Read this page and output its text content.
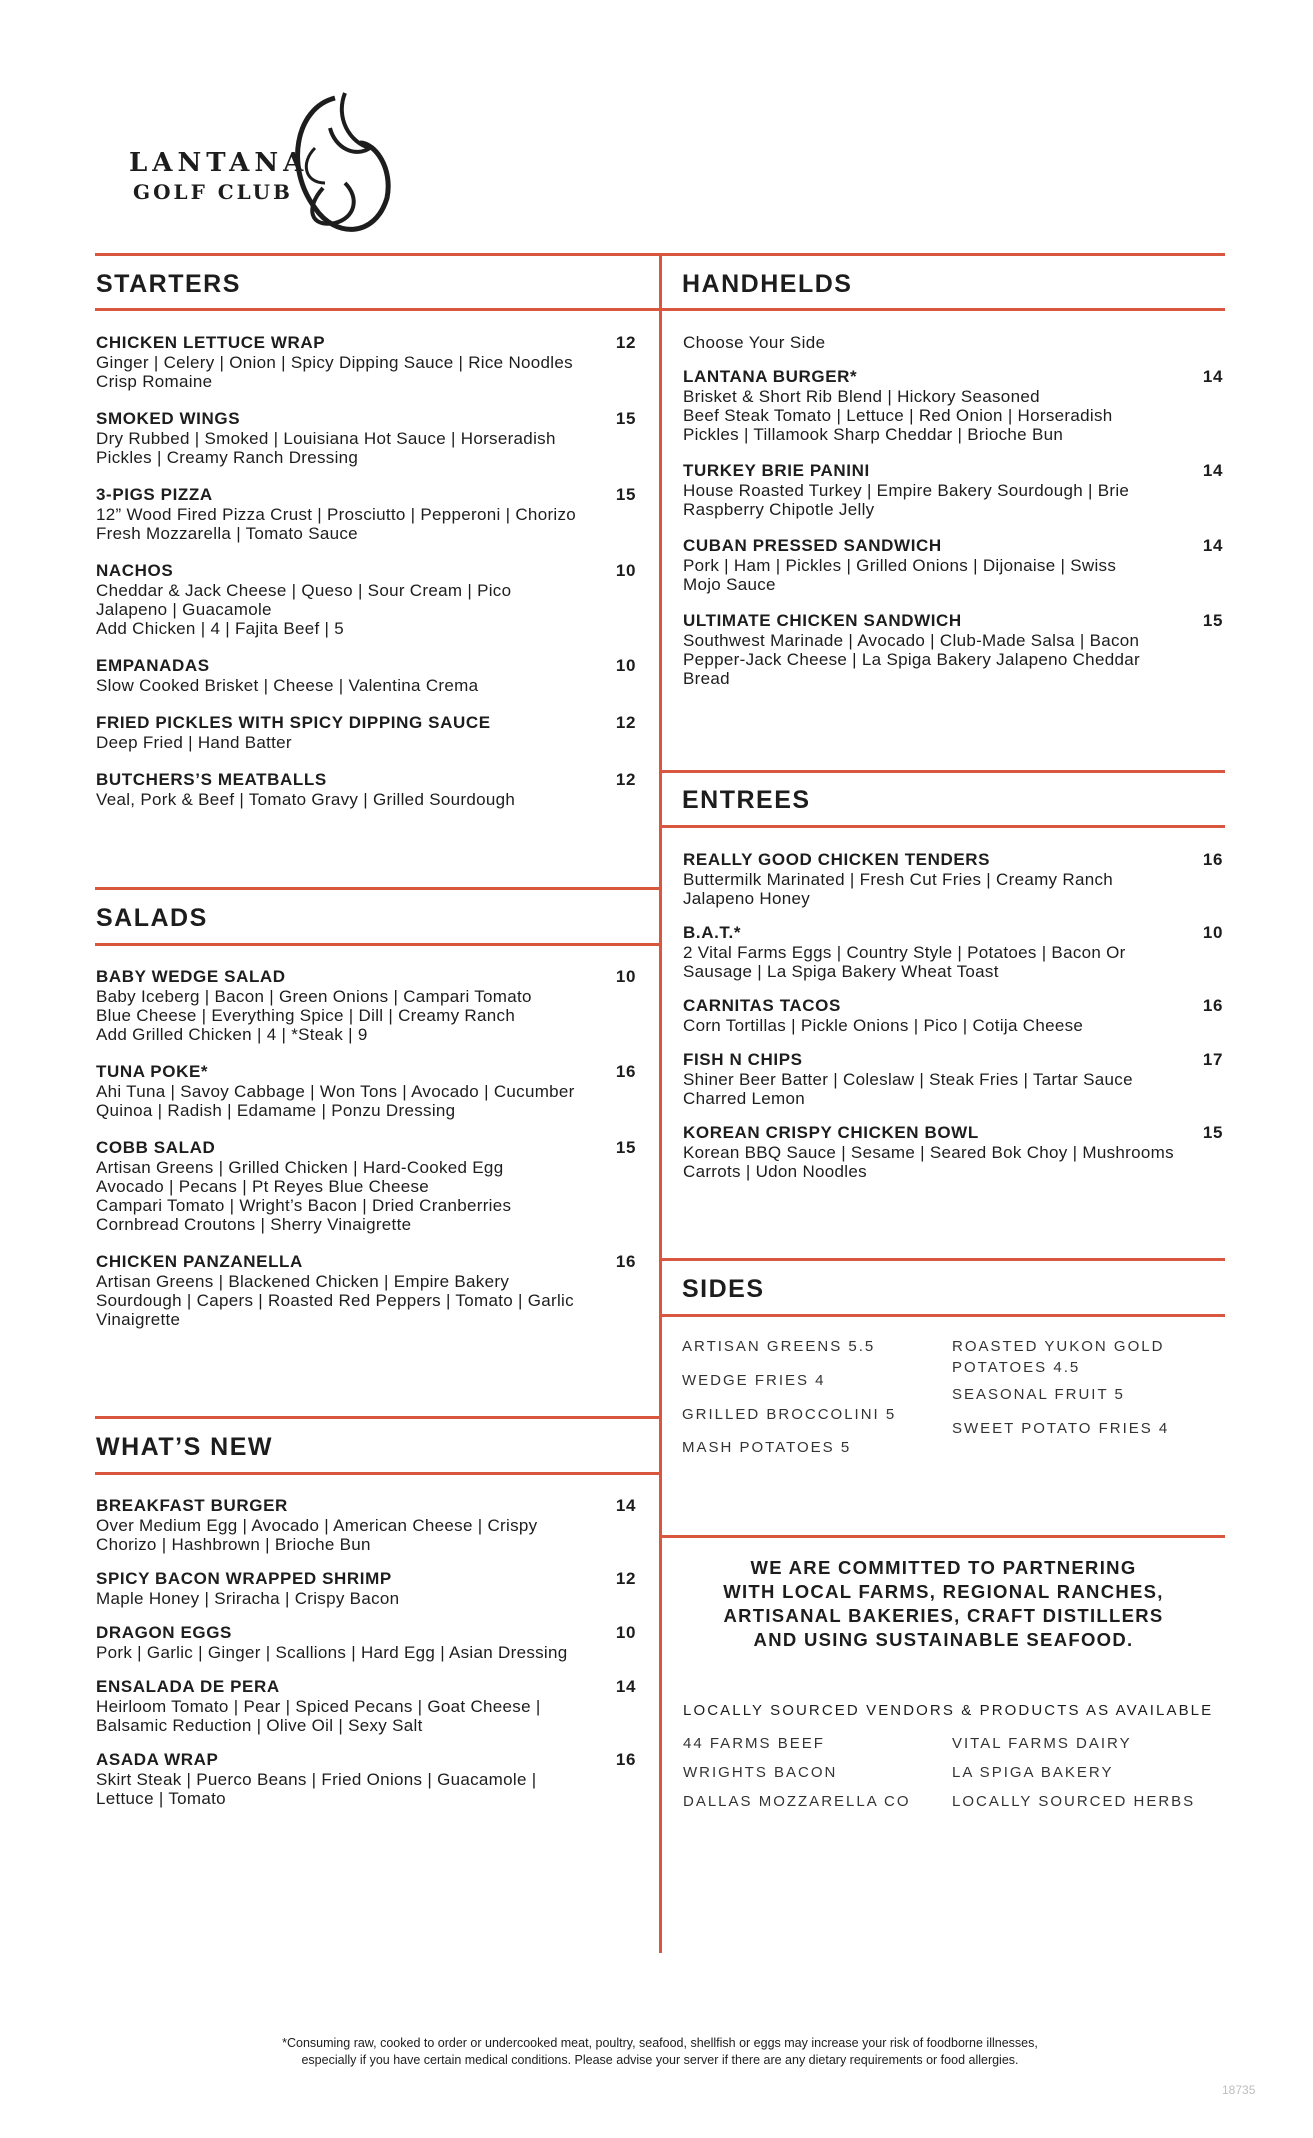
LANTANA
GOLF CLUB
STARTERS
CHICKEN LETTUCE WRAP	12
Ginger | Celery | Onion | Spicy Dipping Sauce | Rice Noodles
Crisp Romaine
SMOKED WINGS	15
Dry Rubbed | Smoked | Louisiana Hot Sauce | Horseradish
Pickles | Creamy Ranch Dressing
3-PIGS PIZZA	15
12” Wood Fired Pizza Crust | Prosciutto | Pepperoni | Chorizo
Fresh Mozzarella | Tomato Sauce
NACHOS	10
Cheddar & Jack Cheese | Queso | Sour Cream | Pico
Jalapeno | Guacamole
Add Chicken | 4 | Fajita Beef | 5
EMPANADAS	10
Slow Cooked Brisket | Cheese | Valentina Crema
FRIED PICKLES WITH SPICY DIPPING SAUCE	12
Deep Fried | Hand Batter
BUTCHERS’S MEATBALLS	12
Veal, Pork & Beef | Tomato Gravy | Grilled Sourdough
HANDHELDS
Choose Your Side
LANTANA BURGER*	14
Brisket & Short Rib Blend | Hickory Seasoned
Beef Steak Tomato | Lettuce | Red Onion | Horseradish
Pickles | Tillamook Sharp Cheddar | Brioche Bun
TURKEY BRIE PANINI	14
House Roasted Turkey | Empire Bakery Sourdough | Brie
Raspberry Chipotle Jelly
CUBAN PRESSED SANDWICH	14
Pork | Ham | Pickles | Grilled Onions | Dijonaise | Swiss
Mojo Sauce
ULTIMATE CHICKEN SANDWICH	15
Southwest Marinade | Avocado | Club-Made Salsa | Bacon
Pepper-Jack Cheese | La Spiga Bakery Jalapeno Cheddar
Bread
ENTREES
REALLY GOOD CHICKEN TENDERS	16
Buttermilk Marinated | Fresh Cut Fries | Creamy Ranch
Jalapeno Honey
B.A.T.*	10
2 Vital Farms Eggs | Country Style | Potatoes | Bacon Or
Sausage | La Spiga Bakery Wheat Toast
CARNITAS TACOS	16
Corn Tortillas | Pickle Onions | Pico | Cotija Cheese
FISH N CHIPS	17
Shiner Beer Batter | Coleslaw | Steak Fries | Tartar Sauce
Charred Lemon
KOREAN CRISPY CHICKEN BOWL	15
Korean BBQ Sauce | Sesame | Seared Bok Choy | Mushrooms
Carrots | Udon Noodles
SALADS
BABY WEDGE SALAD	10
Baby Iceberg | Bacon | Green Onions | Campari Tomato
Blue Cheese | Everything Spice | Dill | Creamy Ranch
Add Grilled Chicken | 4 | *Steak | 9
TUNA POKE*	16
Ahi Tuna | Savoy Cabbage | Won Tons | Avocado | Cucumber
Quinoa | Radish | Edamame | Ponzu Dressing
COBB SALAD	15
Artisan Greens | Grilled Chicken | Hard-Cooked Egg
Avocado | Pecans | Pt Reyes Blue Cheese
Campari Tomato | Wright’s Bacon | Dried Cranberries
Cornbread Croutons | Sherry Vinaigrette
CHICKEN PANZANELLA	16
Artisan Greens | Blackened Chicken | Empire Bakery
Sourdough | Capers | Roasted Red Peppers | Tomato | Garlic
Vinaigrette
SIDES
ARTISAN GREENS 5.5
WEDGE FRIES 4
GRILLED BROCCOLINI 5
MASH POTATOES 5
ROASTED YUKON GOLD
POTATOES 4.5
SEASONAL FRUIT 5
SWEET POTATO FRIES 4
WHAT’S NEW
BREAKFAST BURGER	14
Over Medium Egg | Avocado | American Cheese | Crispy
Chorizo | Hashbrown | Brioche Bun
SPICY BACON WRAPPED SHRIMP	12
Maple Honey | Sriracha | Crispy Bacon
DRAGON EGGS	10
Pork | Garlic | Ginger | Scallions | Hard Egg | Asian Dressing
ENSALADA DE PERA	14
Heirloom Tomato | Pear | Spiced Pecans | Goat Cheese |
Balsamic Reduction | Olive Oil | Sexy Salt
ASADA WRAP	16
Skirt Steak | Puerco Beans | Fried Onions | Guacamole |
Lettuce | Tomato
WE ARE COMMITTED TO PARTNERING
WITH LOCAL FARMS, REGIONAL RANCHES,
ARTISANAL BAKERIES, CRAFT DISTILLERS
AND USING SUSTAINABLE SEAFOOD.
LOCALLY SOURCED VENDORS & PRODUCTS AS AVAILABLE
44 FARMS BEEF
WRIGHTS BACON
DALLAS MOZZARELLA CO
VITAL FARMS DAIRY
LA SPIGA BAKERY
LOCALLY SOURCED HERBS
*Consuming raw, cooked to order or undercooked meat, poultry, seafood, shellfish or eggs may increase your risk of foodborne illnesses,
especially if you have certain medical conditions. Please advise your server if there are any dietary requirements or food allergies.
18735
